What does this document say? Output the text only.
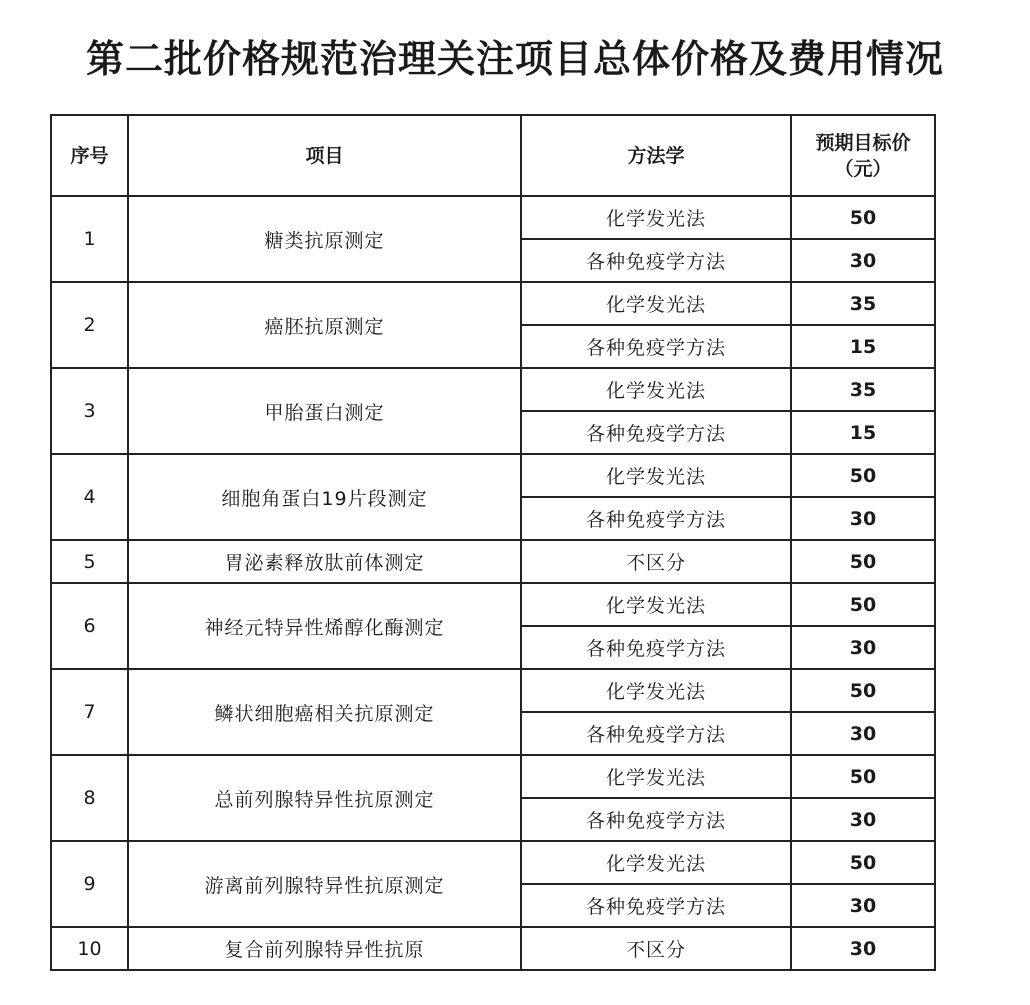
第二批价格规范治理关注项目总体价格及费用情况
序号	项目	方法学	预期目标价
（元）

1	糖类抗原测定	化学发光法	50
		各种免疫学方法	30
2	癌胚抗原测定	化学发光法	35
		各种免疫学方法	15
3	甲胎蛋白测定	化学发光法	35
		各种免疫学方法	15
4	细胞角蛋白19片段测定	化学发光法	50
		各种免疫学方法	30
5	胃泌素释放肽前体测定	不区分	50
6	神经元特异性烯醇化酶测定	化学发光法	50
		各种免疫学方法	30
7	鳞状细胞癌相关抗原测定	化学发光法	50
		各种免疫学方法	30
8	总前列腺特异性抗原测定	化学发光法	50
		各种免疫学方法	30
9	游离前列腺特异性抗原测定	化学发光法	50
		各种免疫学方法	30
10	复合前列腺特异性抗原	不区分	30
